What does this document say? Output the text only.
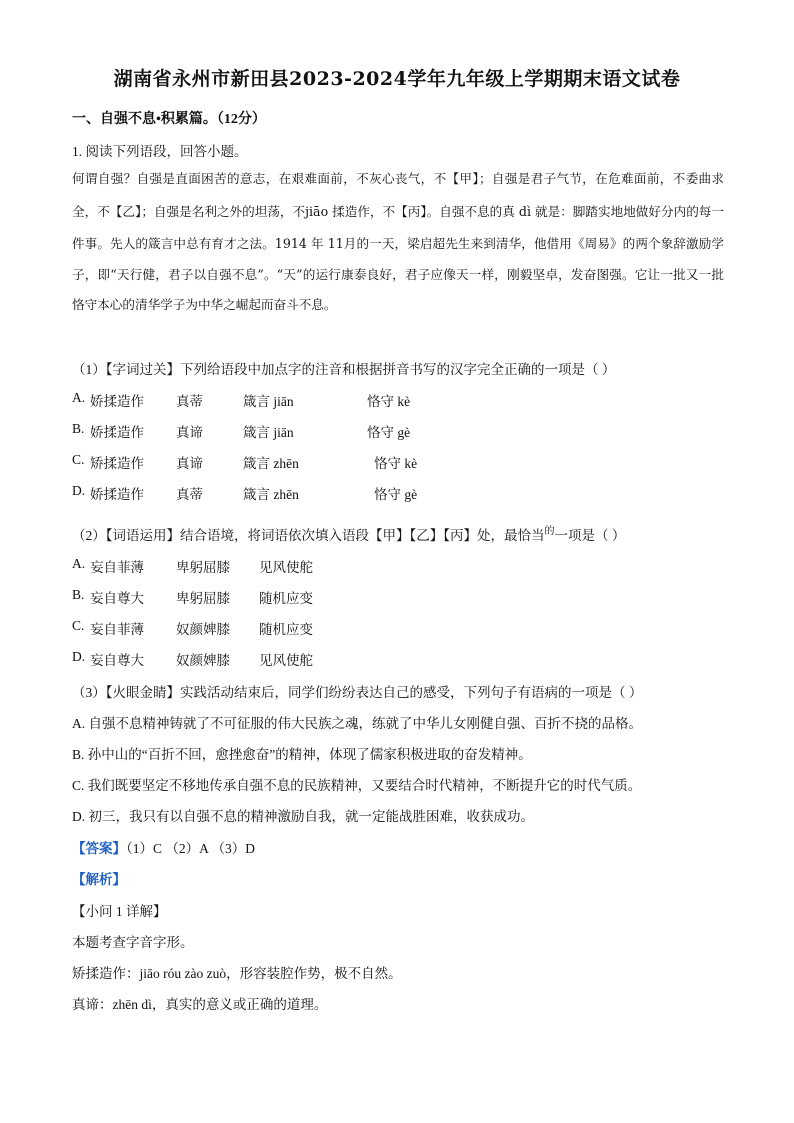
湖南省永州市新田县2023-2024学年九年级上学期期末语文试卷
一、自强不息•积累篇。（12分）
1. 阅读下列语段，回答小题。
何谓自强？自强是直面困苦的意志，在艰难面前，不灰心丧气，不【甲】；自强是君子气节，在危难面前，不委曲求全，不【乙】；自强是名利之外的坦荡，不jiāo 揉造作，不【丙】。自强不息的真 dì 就是：脚踏实地地做好分内的每一件事。先人的箴言中总有育才之法。1914 年 11月的一天，梁启超先生来到清华，他借用《周易》的两个象辞激励学子，即“天行健，君子以自强不息”。“天”的运行康泰良好，君子应像天一样，刚毅坚卓，发奋图强。它让一批又一批恪守本心的清华学子为中华之崛起而奋斗不息。
（1）【字词过关】下列给语段中加点字的注音和根据拼音书写的汉字完全正确的一项是（ ）
A. 娇揉造作 真蒂	箴言 jiān	恪守 kè
B. 娇揉造作 真谛	箴言 jiān	恪守 gè
C. 矫揉造作 真谛	箴言 zhēn	恪守 kè
D. 娇揉造作 真蒂	箴言 zhēn	恪守 gè
（2）【词语运用】结合语境，将词语依次填入语段【甲】【乙】【丙】处，最恰当$^的$一项是（ ）
A. 妄自菲薄 卑躬屈膝 见风使舵
B. 妄自尊大 卑躬屈膝 随机应变
C. 妄自菲薄 奴颜婢膝 随机应变
D. 妄自尊大 奴颜婢膝 见风使舵
（3）【火眼金睛】实践活动结束后，同学们纷纷表达自己的感受，下列句子有语病的一项是（ ）
A. 自强不息精神铸就了不可征服的伟大民族之魂，练就了中华儿女刚健自强、百折不挠的品格。
B. 孙中山的“百折不回，愈挫愈奋”的精神，体现了儒家积极进取的奋发精神。
C. 我们既要坚定不移地传承自强不息的民族精神，又要结合时代精神，不断提升它的时代气质。
D. 初三，我只有以自强不息的精神激励自我，就一定能战胜困难，收获成功。
【答案】（1）C （2）A （3）D
【解析】
【小问 1 详解】
本题考查字音字形。
矫揉造作：jiāo róu zào zuò，形容装腔作势，极不自然。
真谛：zhēn dì，真实的意义或正确的道理。
